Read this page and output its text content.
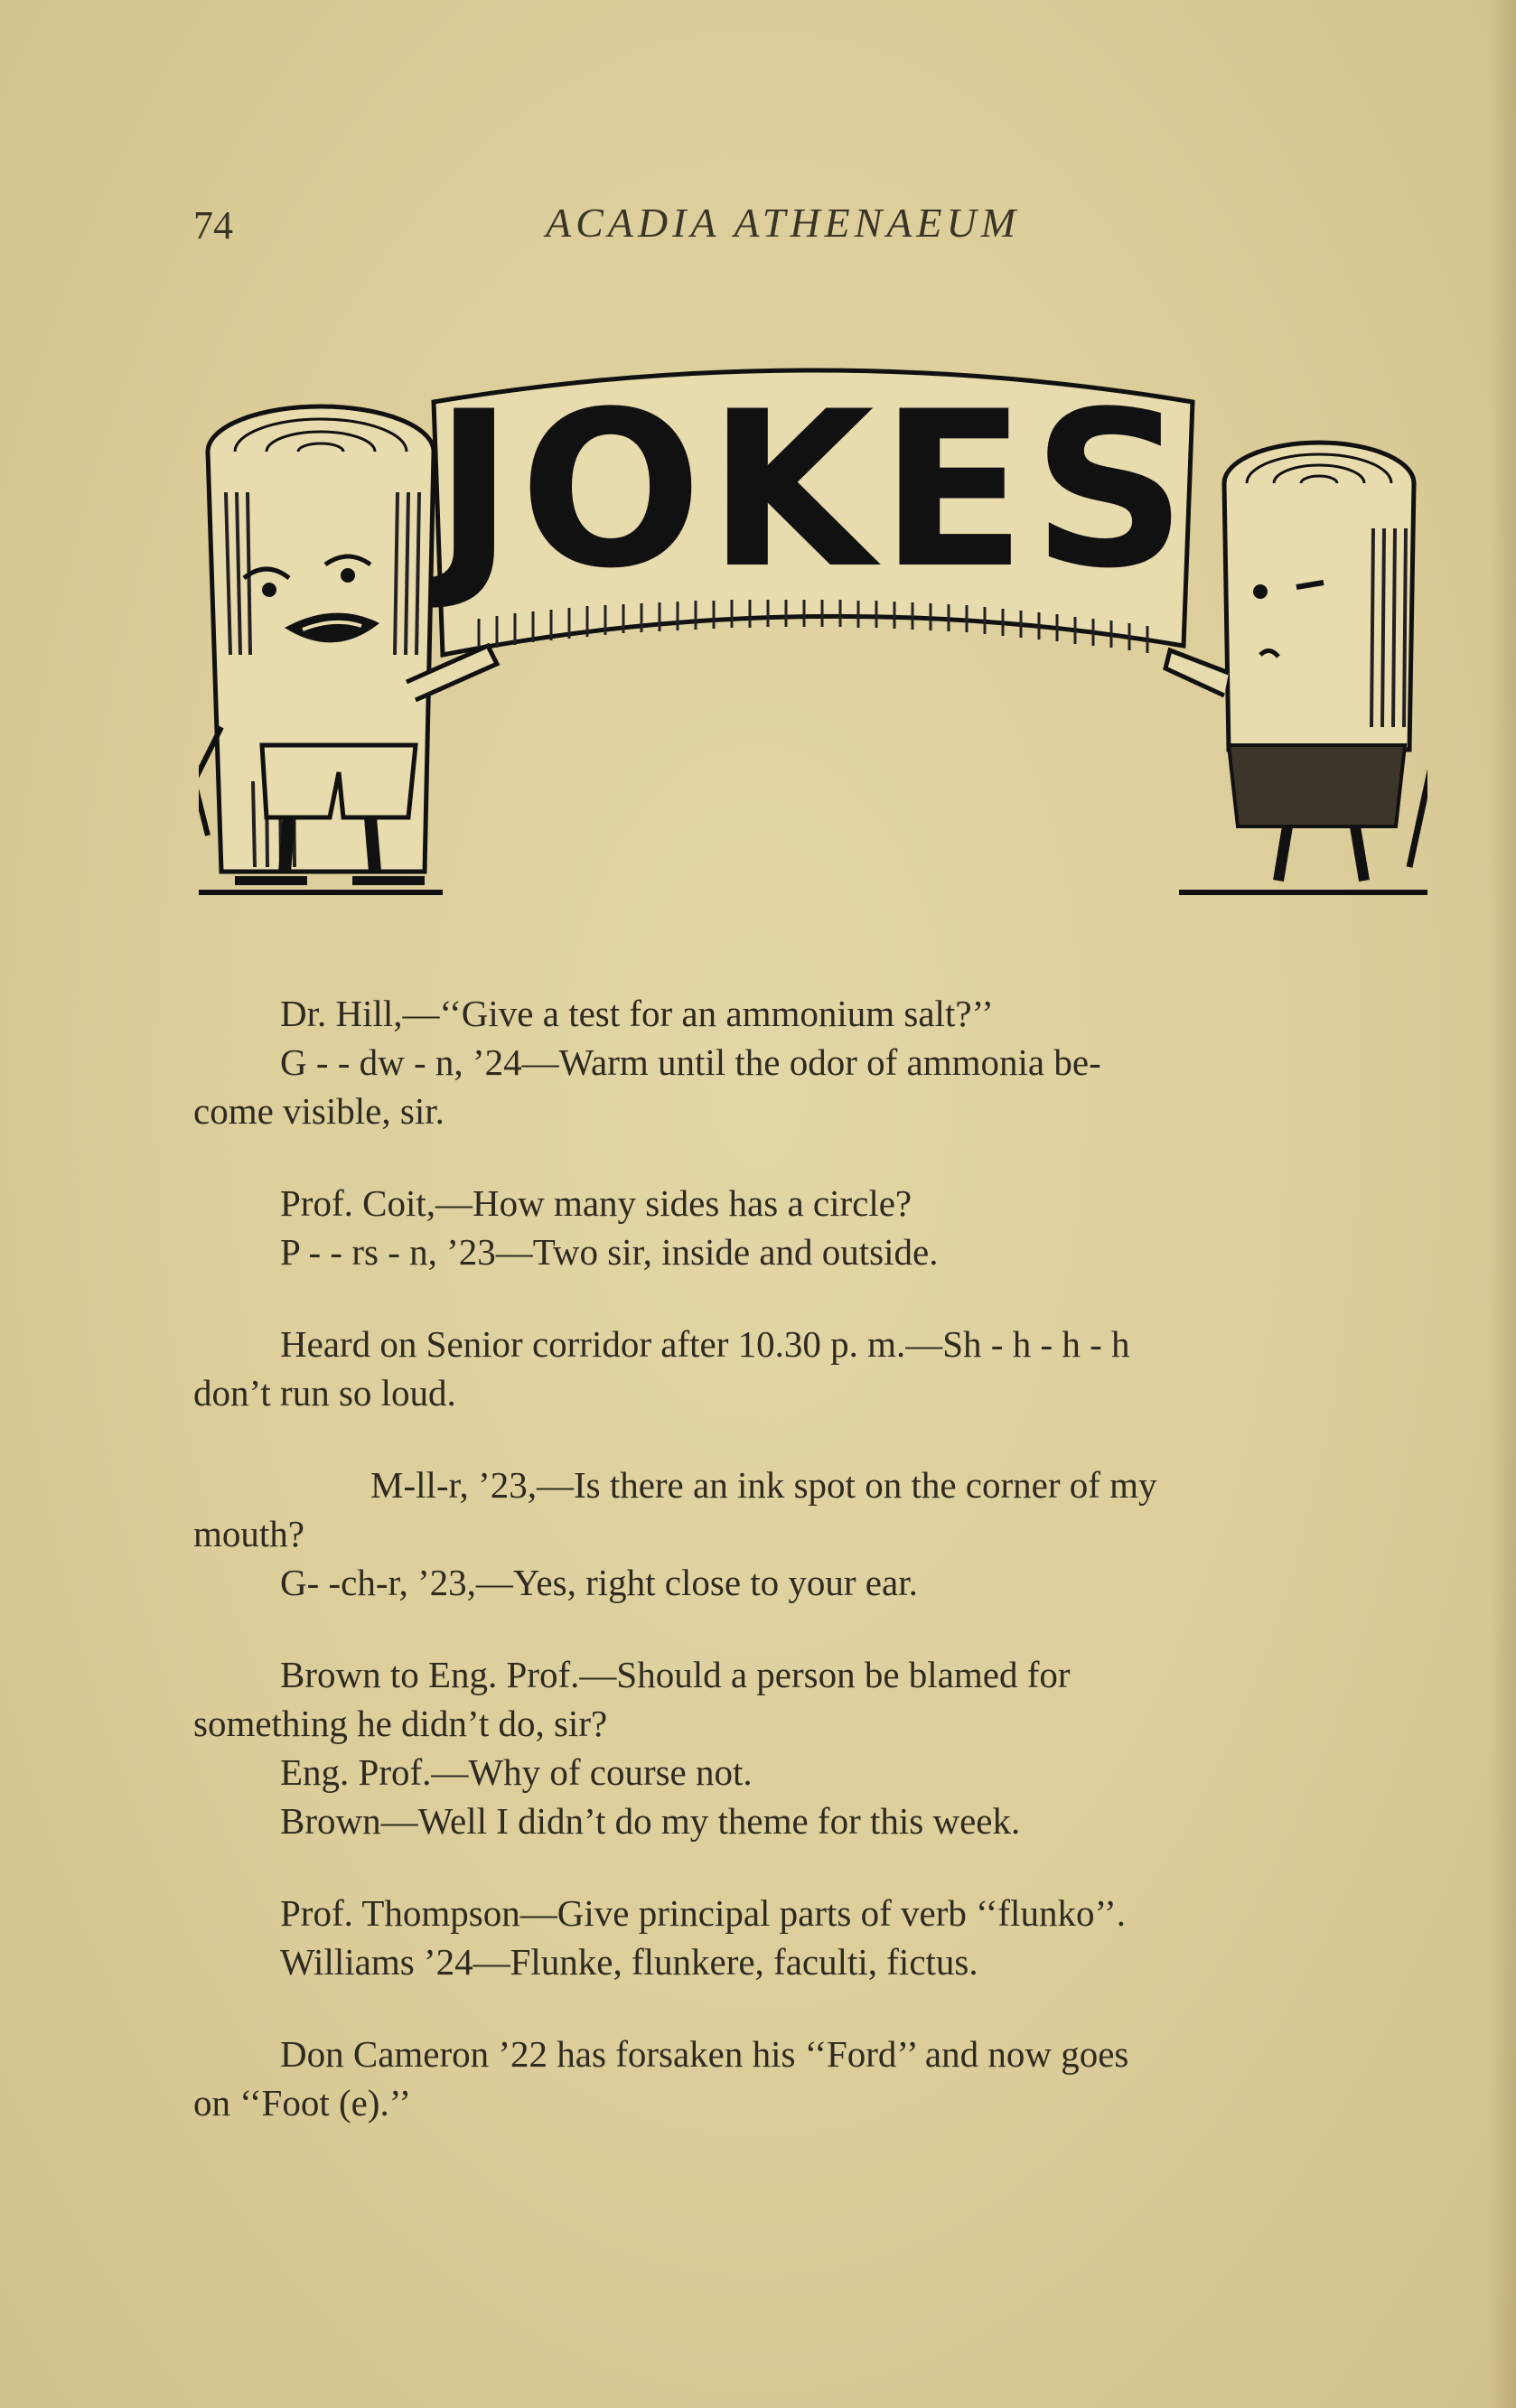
74	ACADIA ATHENAEUM
JOKES

Dr. Hill,—‘‘Give a test for an ammonium salt?’’

G - - dw - n, ’24—Warm until the odor of ammonia be-

come visible, sir.

Prof. Coit,—How many sides has a circle?

P - - rs - n, ’23—Two sir, inside and outside.

Heard on Senior corridor after 10.30 p. m.—Sh - h - h - h

don’t run so loud.

M-ll-r, ’23,—Is there an ink spot on the corner of my

mouth?

G- -ch-r, ’23,—Yes, right close to your ear.

Brown to Eng. Prof.—Should a person be blamed for

something he didn’t do, sir?

Eng. Prof.—Why of course not.

Brown—Well I didn’t do my theme for this week.

Prof. Thompson—Give principal parts of verb ‘‘flunko’’.

Williams ’24—Flunke, flunkere, faculti, fictus.

Don Cameron ’22 has forsaken his ‘‘Ford’’ and now goes

on ‘‘Foot (e).’’
